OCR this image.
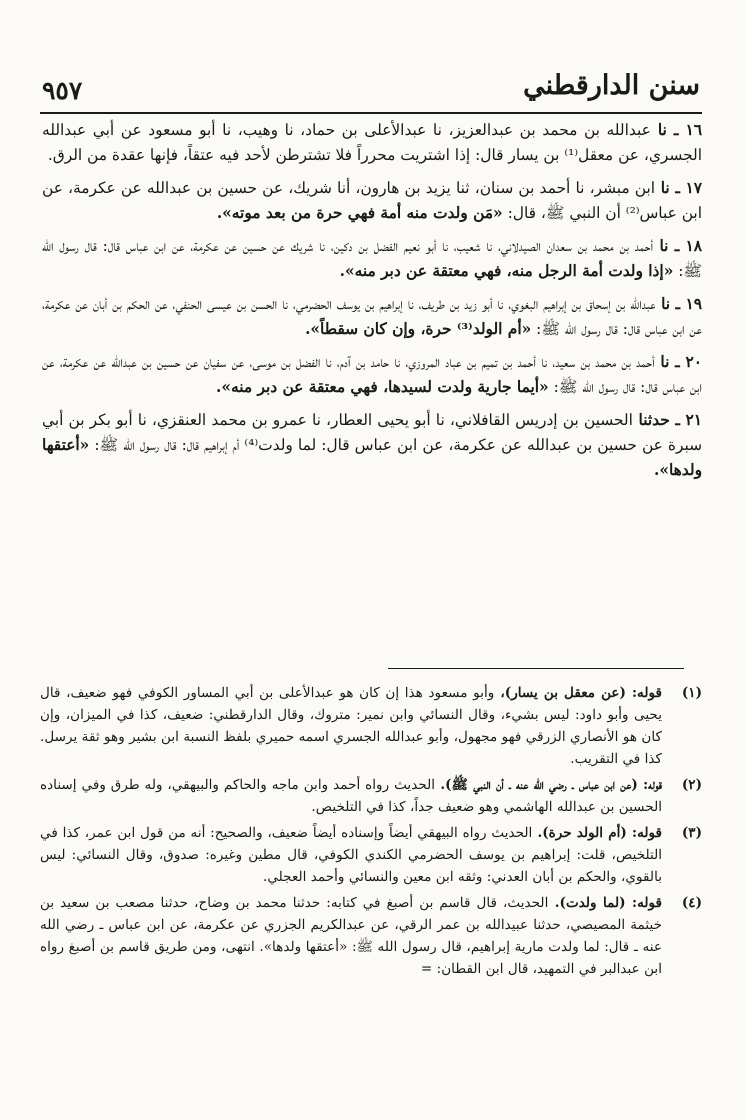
سنن الدارقطني
٩٥٧

١٦ ـناعبدالله بن محمد بن عبدالعزيز، نا عبدالأعلى بن حماد، نا وهيب، نا أبو مسعود عن أبي عبدالله الجسري، عن معقل⁽¹⁾ بن يسار قال: إذا اشتريت محرراً فلا تشترطن لأحد فيه عتقاً، فإنها عقدة من الرق.

١٧ ـناابن مبشر، نا أحمد بن سنان، ثنا يزيد بن هارون، أنا شريك، عن حسين بن عبدالله عن عكرمة، عن ابن عباس⁽²⁾ أن النبي ﷺ، قال:«مَن ولدت منه أمة فهي حرة من بعد موته».

١٨ ـناأحمد بن محمد بن سعدان الصيدلاني، نا شعيب، نا أبو نعيم الفضل بن دكين، نا شريك عن حسين عن عكرمة، عن ابن عباس قال: قال رسول الله ﷺ:«إذا ولدت أمة الرجل منه، فهي معتقة عن دبر منه».

١٩ ـناعبدالله بن إسحاق بن إبراهيم البغوي، نا أبو زيد بن طريف، نا إبراهيم بن يوسف الحضرمي، نا الحسن بن عيسى الحنفي، عن الحكم بن أبان عن عكرمة، عن ابن عباس قال: قال رسول الله ﷺ:«أم الولد⁽³⁾ حرة، وإن كان سقطاً».

٢٠ ـناأحمد بن محمد بن سعيد، نا أحمد بن تميم بن عباد المروزي، نا حامد بن آدم، نا الفضل بن موسى، عن سفيان عن حسين بن عبدالله عن عكرمة، عن ابن عباس قال: قال رسول الله ﷺ:«أيما جارية ولدت لسيدها، فهي معتقة عن دبر منه».

٢١ ـحدثناالحسين بن إدريس القافلاني، نا أبو يحيى العطار، نا عمرو بن محمد العنقزي، نا أبو بكر بن أبي سبرة عن حسين بن عبدالله عن عكرمة، عن ابن عباس قال: لما ولدت⁽⁴⁾ أم إبراهيم قال: قال رسول الله ﷺ:«أعتقها ولدها».

(١)
قوله:(عن معقل بن يسار)،وأبو مسعود هذا إن كان هو عبدالأعلى بن أبي المساور الكوفي فهو ضعيف، قال يحيى وأبو داود: ليس بشيء، وقال النسائي وابن نمير: متروك، وقال الدارقطني: ضعيف، كذا في الميزان، وإن كان هو الأنصاري الزرقي فهو مجهول، وأبو عبدالله الجسري اسمه حميري بلفظ النسبة ابن بشير وهو ثقة يرسل. كذا في التقريب.
(٢)
قوله:(عن ابن عباس ـ رضي الله عنه ـ أن النبي ﷺ).الحديث رواه أحمد وابن ماجه والحاكم والبيهقي، وله طرق وفي إسناده الحسين بن عبدالله الهاشمي وهو ضعيف جداً، كذا في التلخيص.
(٣)
قوله:(أم الولد حرة).الحديث رواه البيهقي أيضاً وإسناده أيضاً ضعيف، والصحيح: أنه من قول ابن عمر، كذا في التلخيص، قلت: إبراهيم بن يوسف الحضرمي الكندي الكوفي، قال مطين وغيره: صدوق، وقال النسائي: ليس بالقوي، والحكم بن أبان العدني: وثقه ابن معين والنسائي وأحمد العجلي.
(٤)
قوله:(لما ولدت).الحديث، قال قاسم بن أصبغ في كتابه: حدثنا محمد بن وضاح، حدثنا مصعب بن سعيد بن خيثمة المصيصي، حدثنا عبيدالله بن عمر الرقي، عن عبدالكريم الجزري عن عكرمة، عن ابن عباس ـ رضي الله عنه ـ قال: لما ولدت مارية إبراهيم، قال رسول الله ﷺ: «أعتقها ولدها». انتهى، ومن طريق قاسم بن أصبغ رواه ابن عبدالبر في التمهيد، قال ابن القطان: =
